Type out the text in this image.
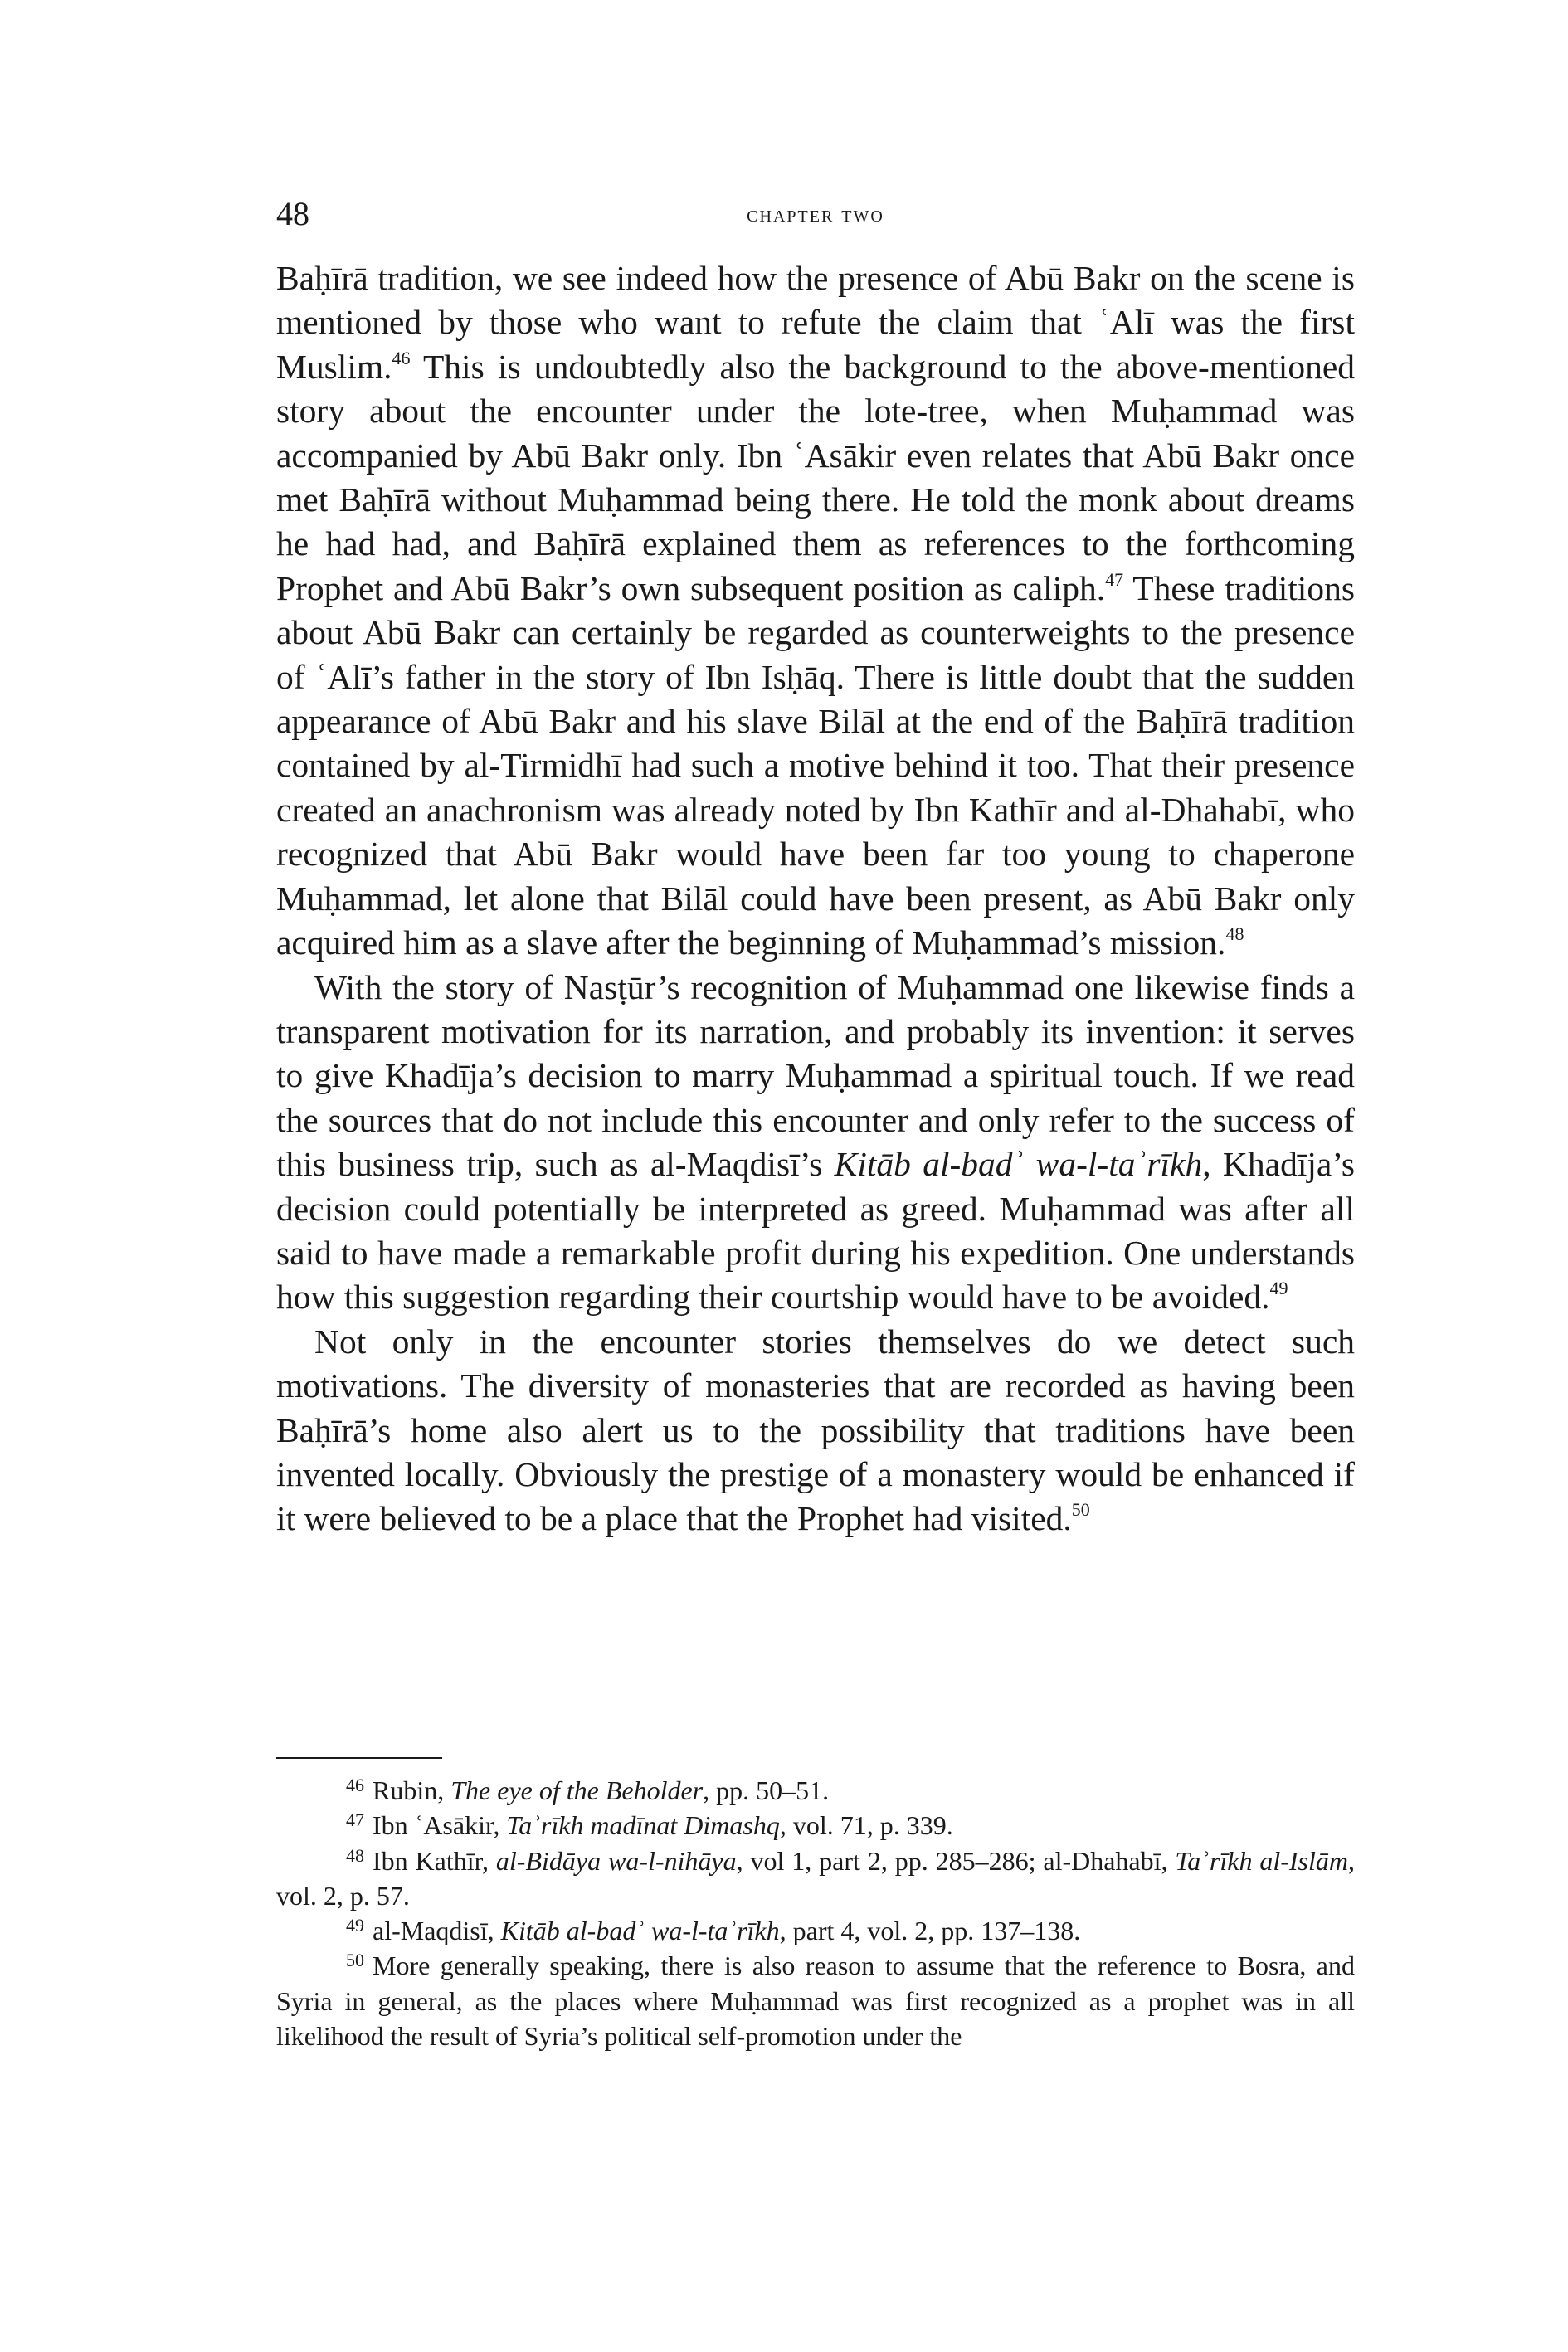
48	chapter two

Baḥīrā tradition, we see indeed how the presence of Abū Bakr on the scene is mentioned by those who want to refute the claim that ʿAlī was the first Muslim.$^{46}$ This is undoubtedly also the background to the above-mentioned story about the encounter under the lote-tree, when Muḥammad was accompanied by Abū Bakr only. Ibn ʿAsākir even relates that Abū Bakr once met Baḥīrā without Muḥammad being there. He told the monk about dreams he had had, and Baḥīrā explained them as references to the forthcoming Prophet and Abū Bakr’s own subsequent position as caliph.$^{47}$ These traditions about Abū Bakr can certainly be regarded as counterweights to the presence of ʿAlī’s father in the story of Ibn Isḥāq. There is little doubt that the sudden appearance of Abū Bakr and his slave Bilāl at the end of the Baḥīrā tradition contained by al-Tirmidhī had such a motive behind it too. That their presence created an anachronism was already noted by Ibn Kathīr and al-Dhahabī, who recognized that Abū Bakr would have been far too young to chaperone Muḥammad, let alone that Bilāl could have been present, as Abū Bakr only acquired him as a slave after the beginning of Muḥammad’s mission.$^{48}$

With the story of Nasṭūr’s recognition of Muḥammad one likewise finds a transparent motivation for its narration, and probably its invention: it serves to give Khadīja’s decision to marry Muḥammad a spiritual touch. If we read the sources that do not include this encounter and only refer to the success of this business trip, such as al-Maqdisī’s Kitāb al-badʾ wa-l-taʾrīkh, Khadīja’s decision could potentially be interpreted as greed. Muḥammad was after all said to have made a remarkable profit during his expedition. One understands how this suggestion regarding their courtship would have to be avoided.$^{49}$

Not only in the encounter stories themselves do we detect such motivations. The diversity of monasteries that are recorded as having been Baḥīrā’s home also alert us to the possibility that traditions have been invented locally. Obviously the prestige of a monastery would be enhanced if it were believed to be a place that the Prophet had visited.$^{50}$

$^{46}$ Rubin, The eye of the Beholder, pp. 50–51.

$^{47}$ Ibn ʿAsākir, Taʾrīkh madīnat Dimashq, vol. 71, p. 339.

$^{48}$ Ibn Kathīr, al-Bidāya wa-l-nihāya, vol 1, part 2, pp. 285–286; al-Dhahabī, Taʾrīkh al-Islām, vol. 2, p. 57.

$^{49}$ al-Maqdisī, Kitāb al-badʾ wa-l-taʾrīkh, part 4, vol. 2, pp. 137–138.

$^{50}$ More generally speaking, there is also reason to assume that the reference to Bosra, and Syria in general, as the places where Muḥammad was first recognized as a prophet was in all likelihood the result of Syria’s political self-promotion under the
